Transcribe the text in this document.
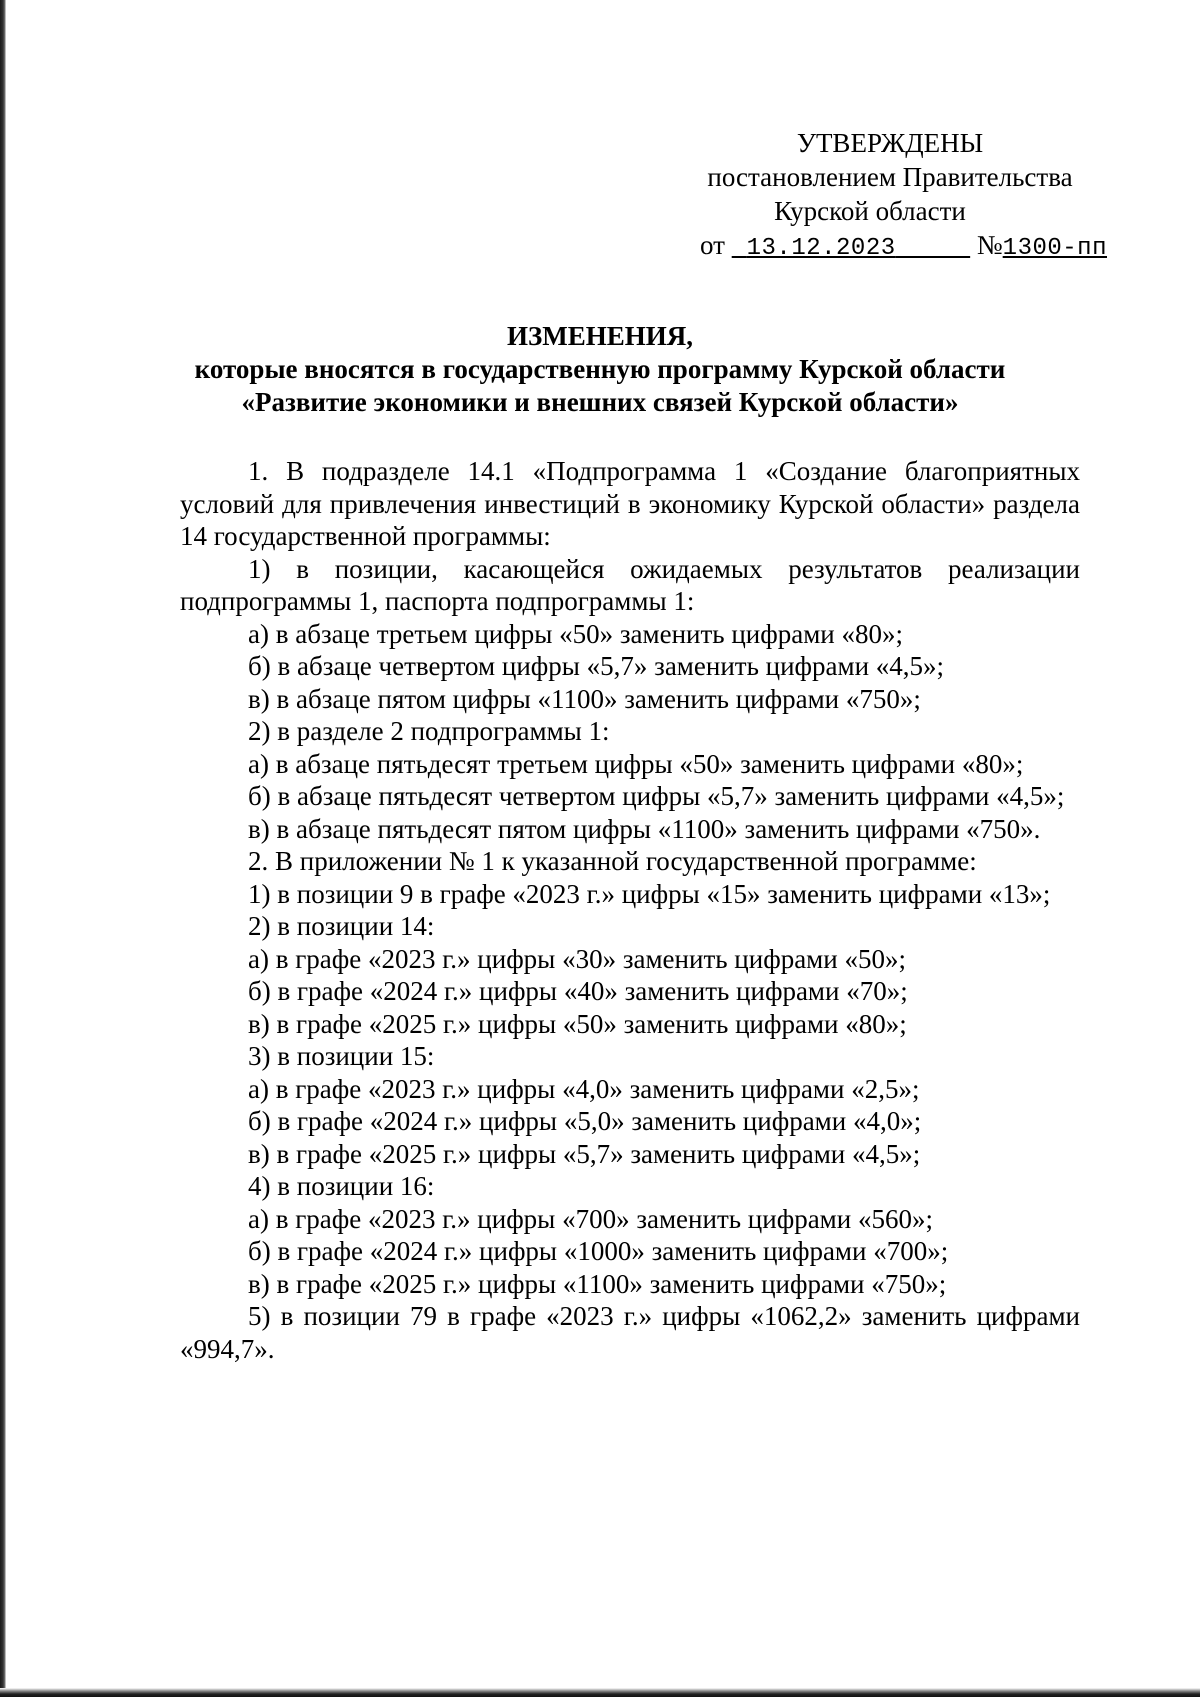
УТВЕРЖДЕНЫ
постановлением Правительства
Курской области
от 13.12.2023	№1300-пп
ИЗМЕНЕНИЯ,
которые вносятся в государственную программу Курской области
«Развитие экономики и внешних связей Курской области»

1. В подразделе 14.1 «Подпрограмма 1 «Создание благоприятных условий для привлечения инвестиций в экономику Курской области» раздела 14 государственной программы:

1) в позиции, касающейся ожидаемых результатов реализации подпрограммы 1, паспорта подпрограммы 1:

а) в абзаце третьем цифры «50» заменить цифрами «80»;

б) в абзаце четвертом цифры «5,7» заменить цифрами «4,5»;

в) в абзаце пятом цифры «1100» заменить цифрами «750»;

2) в разделе 2 подпрограммы 1:

а) в абзаце пятьдесят третьем цифры «50» заменить цифрами «80»;

б) в абзаце пятьдесят четвертом цифры «5,7» заменить цифрами «4,5»;

в) в абзаце пятьдесят пятом цифры «1100» заменить цифрами «750».

2. В приложении № 1 к указанной государственной программе:

1) в позиции 9 в графе «2023 г.» цифры «15» заменить цифрами «13»;

2) в позиции 14:

а) в графе «2023 г.» цифры «30» заменить цифрами «50»;

б) в графе «2024 г.» цифры «40» заменить цифрами «70»;

в) в графе «2025 г.» цифры «50» заменить цифрами «80»;

3) в позиции 15:

а) в графе «2023 г.» цифры «4,0» заменить цифрами «2,5»;

б) в графе «2024 г.» цифры «5,0» заменить цифрами «4,0»;

в) в графе «2025 г.» цифры «5,7» заменить цифрами «4,5»;

4) в позиции 16:

а) в графе «2023 г.» цифры «700» заменить цифрами «560»;

б) в графе «2024 г.» цифры «1000» заменить цифрами «700»;

в) в графе «2025 г.» цифры «1100» заменить цифрами «750»;

5) в позиции 79 в графе «2023 г.» цифры «1062,2» заменить цифрами «994,7».
